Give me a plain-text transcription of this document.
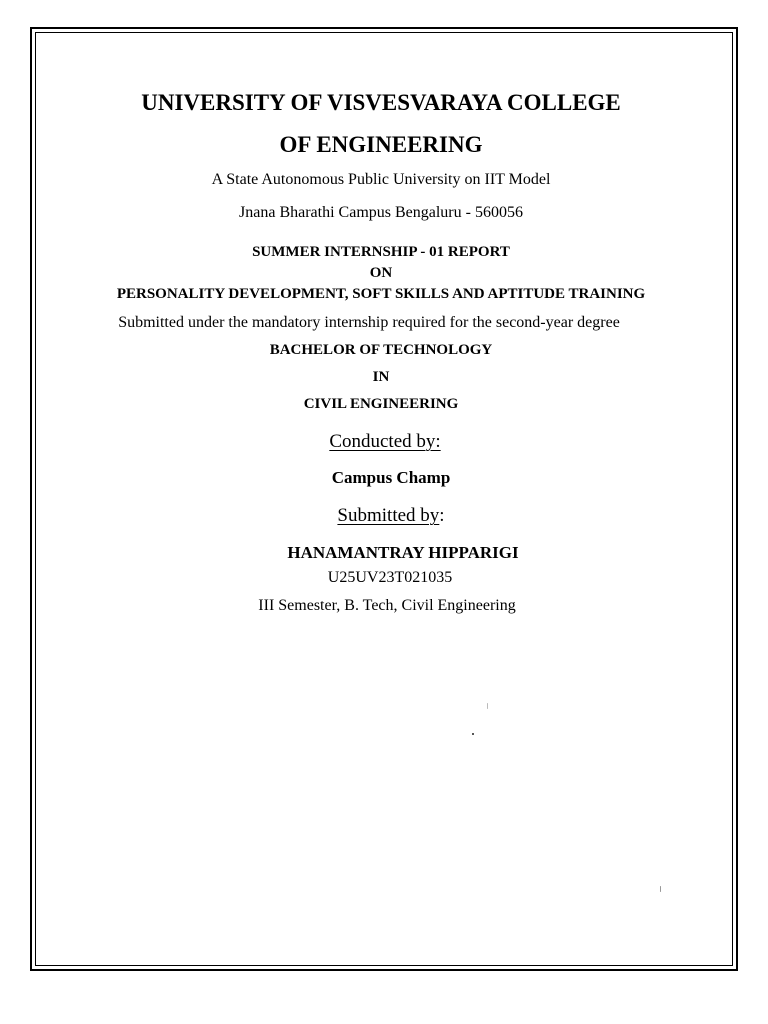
UNIVERSITY OF VISVESVARAYA COLLEGE
OF ENGINEERING
A State Autonomous Public University on IIT Model
Jnana Bharathi Campus Bengaluru - 560056
SUMMER INTERNSHIP - 01 REPORT
ON
PERSONALITY DEVELOPMENT, SOFT SKILLS AND APTITUDE TRAINING
Submitted under the mandatory internship required for the second-year degree
BACHELOR OF TECHNOLOGY
IN
CIVIL ENGINEERING
Conducted by:
Campus Champ
Submitted by:
HANAMANTRAY HIPPARIGI
U25UV23T021035
III Semester, B. Tech, Civil Engineering
